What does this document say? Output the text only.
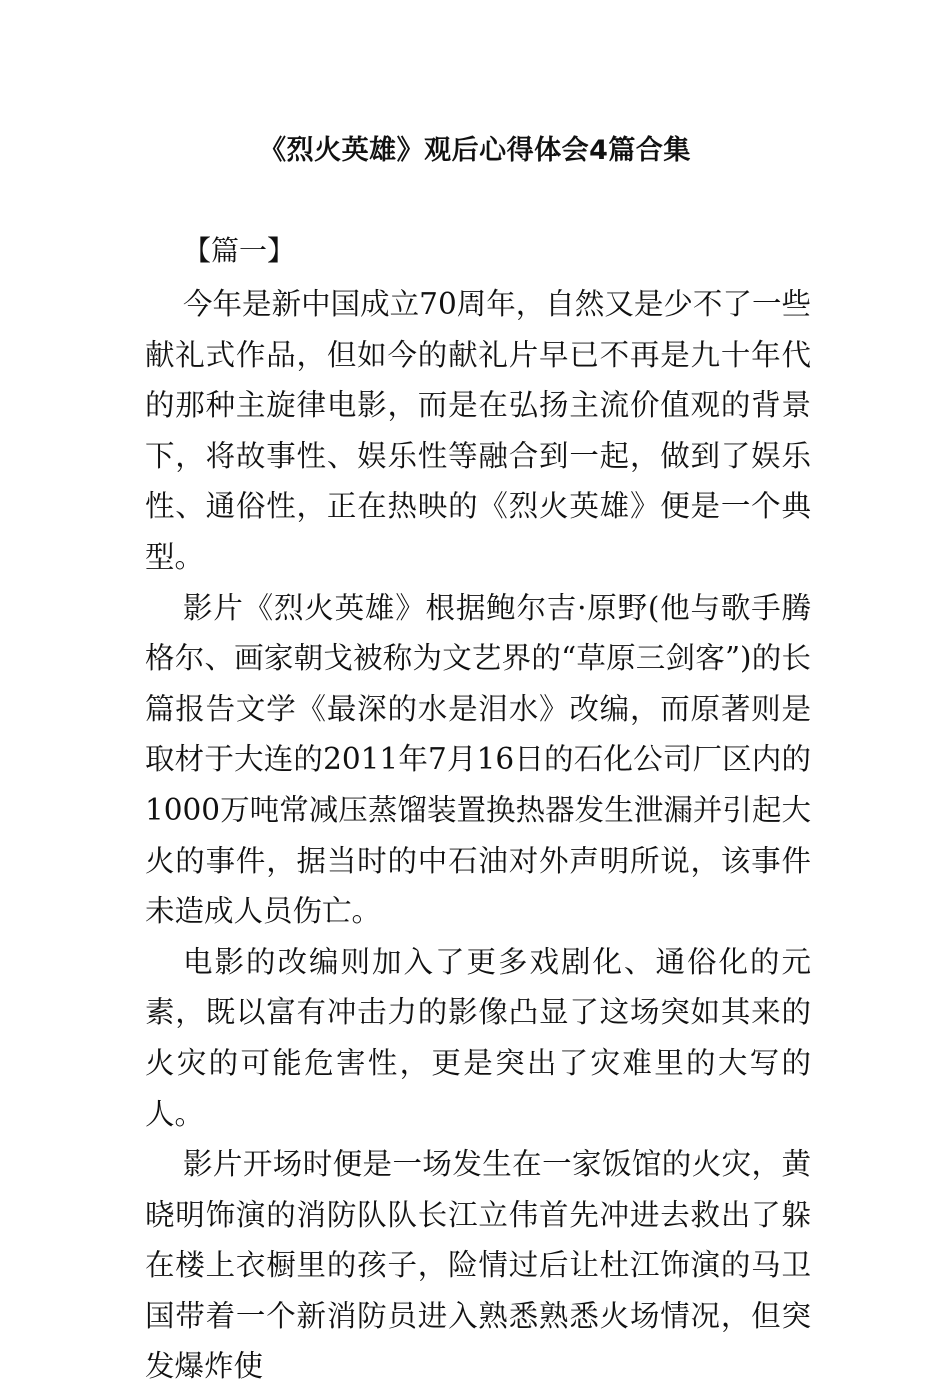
《烈火英雄》观后心得体会4篇合集
【篇一】

今年是新中国成立70周年，自然又是少不了一些献礼式作品，但如今的献礼片早已不再是九十年代的那种主旋律电影，而是在弘扬主流价值观的背景下，将故事性、娱乐性等融合到一起，做到了娱乐性、通俗性，正在热映的《烈火英雄》便是一个典型。

影片《烈火英雄》根据鲍尔吉·原野(他与歌手腾格尔、画家朝戈被称为文艺界的“草原三剑客”)的长篇报告文学《最深的水是泪水》改编，而原著则是取材于大连的2011年7月16日的石化公司厂区内的1000万吨常减压蒸馏装置换热器发生泄漏并引起大火的事件，据当时的中石油对外声明所说，该事件未造成人员伤亡。

电影的改编则加入了更多戏剧化、通俗化的元素，既以富有冲击力的影像凸显了这场突如其来的火灾的可能危害性，更是突出了灾难里的大写的人。

影片开场时便是一场发生在一家饭馆的火灾，黄晓明饰演的消防队队长江立伟首先冲进去救出了躲在楼上衣橱里的孩子，险情过后让杜江饰演的马卫国带着一个新消防员进入熟悉熟悉火场情况，但突发爆炸使
